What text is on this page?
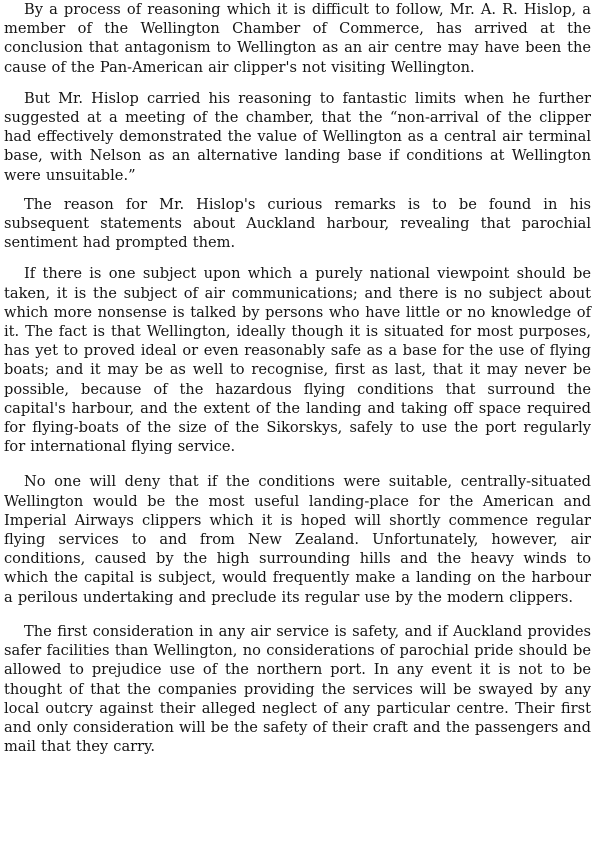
By a process of reasoning which it is difficult to follow, Mr. A. R. Hislop, a member of the Wellington Chamber of Commerce, has arrived at the conclusion that antagonism to Wellington as an air centre may have been the cause of the Pan-American air clipper's not visiting Wellington.

But Mr. Hislop carried his reasoning to fantastic limits when he further suggested at a meeting of the chamber, that the “non-arrival of the clipper had effectively demonstrated the value of Wellington as a central air terminal base, with Nelson as an alternative landing base if conditions at Wellington were unsuitable.”

The reason for Mr. Hislop's curious remarks is to be found in his subsequent statements about Auckland harbour, revealing that parochial sentiment had prompted them.

If there is one subject upon which a purely national viewpoint should be taken, it is the subject of air communications; and there is no subject about which more nonsense is talked by persons who have little or no knowledge of it. The fact is that Wellington, ideally though it is situated for most purposes, has yet to proved ideal or even reasonably safe as a base for the use of flying boats; and it may be as well to recognise, first as last, that it may never be possible, because of the hazardous flying conditions that surround the capital's harbour, and the extent of the landing and taking off space required for flying-boats of the size of the Sikorskys, safely to use the port regularly for international flying service.

No one will deny that if the conditions were suitable, centrally-situated Wellington would be the most useful landing-place for the American and Imperial Airways clippers which it is hoped will shortly commence regular flying services to and from New Zealand. Unfortunately, however, air conditions, caused by the high surrounding hills and the heavy winds to which the capital is subject, would frequently make a landing on the harbour a perilous undertaking and preclude its regular use by the modern clippers.

The first consideration in any air service is safety, and if Auckland provides safer facilities than Wellington, no considerations of parochial pride should be allowed to prejudice use of the northern port. In any event it is not to be thought of that the companies providing the services will be swayed by any local outcry against their alleged neglect of any particular centre. Their first and only consideration will be the safety of their craft and the passengers and mail that they carry.
